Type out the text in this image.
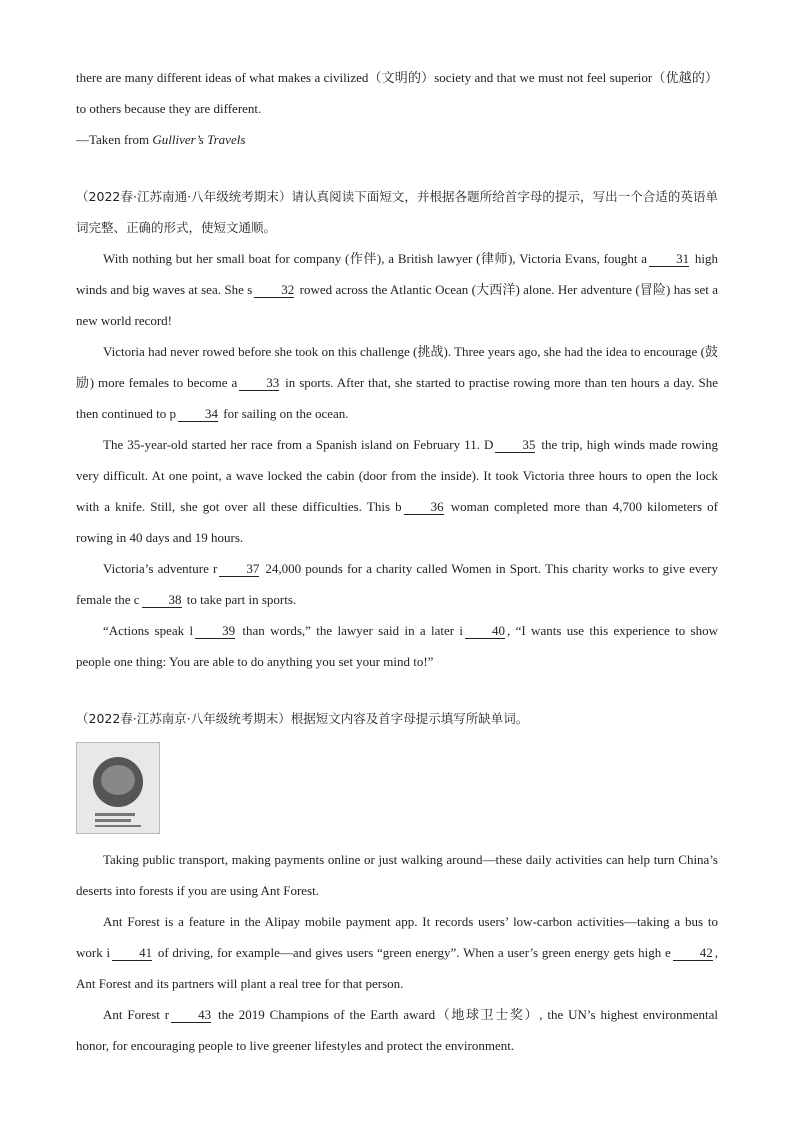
there are many different ideas of what makes a civilized（文明的）society and that we must not feel superior（优越的） to others because they are different.

—Taken from Gulliver’s Travels

（2022春·江苏南通·八年级统考期末）请认真阅读下面短文，并根据各题所给首字母的提示，写出一个合适的英语单词完整、正确的形式，使短文通顺。

With nothing but her small boat for company (作伴), a British lawyer (律师), Victoria Evans, fought a 31 high winds and big waves at sea. She s 32 rowed across the Atlantic Ocean (大西洋) alone. Her adventure (冒险) has set a new world record!

Victoria had never rowed before she took on this challenge (挑战). Three years ago, she had the idea to encourage (鼓励) more females to become a 33 in sports. After that, she started to practise rowing more than ten hours a day. She then continued to p 34 for sailing on the ocean.

The 35-year-old started her race from a Spanish island on February 11. D 35 the trip, high winds made rowing very difficult. At one point, a wave locked the cabin (door from the inside). It took Victoria three hours to open the lock with a knife. Still, she got over all these difficulties. This b 36 woman completed more than 4,700 kilometers of rowing in 40 days and 19 hours.

Victoria’s adventure r 37 24,000 pounds for a charity called Women in Sport. This charity works to give every female the c 38 to take part in sports.

“Actions speak l 39 than words,” the lawyer said in a later i 40 , “I wants use this experience to show people one thing: You are able to do anything you set your mind to!”

（2022春·江苏南京·八年级统考期末）根据短文内容及首字母提示填写所缺单词。

Taking public transport, making payments online or just walking around—these daily activities can help turn China’s deserts into forests if you are using Ant Forest.

Ant Forest is a feature in the Alipay mobile payment app. It records users’ low-carbon activities—taking a bus to work i 41 of driving, for example—and gives users “green energy”. When a user’s green energy gets high e 42 , Ant Forest and its partners will plant a real tree for that person.

Ant Forest r 43 the 2019 Champions of the Earth award（地球卫士奖）, the UN’s highest environmental honor, for encouraging people to live greener lifestyles and protect the environment.
